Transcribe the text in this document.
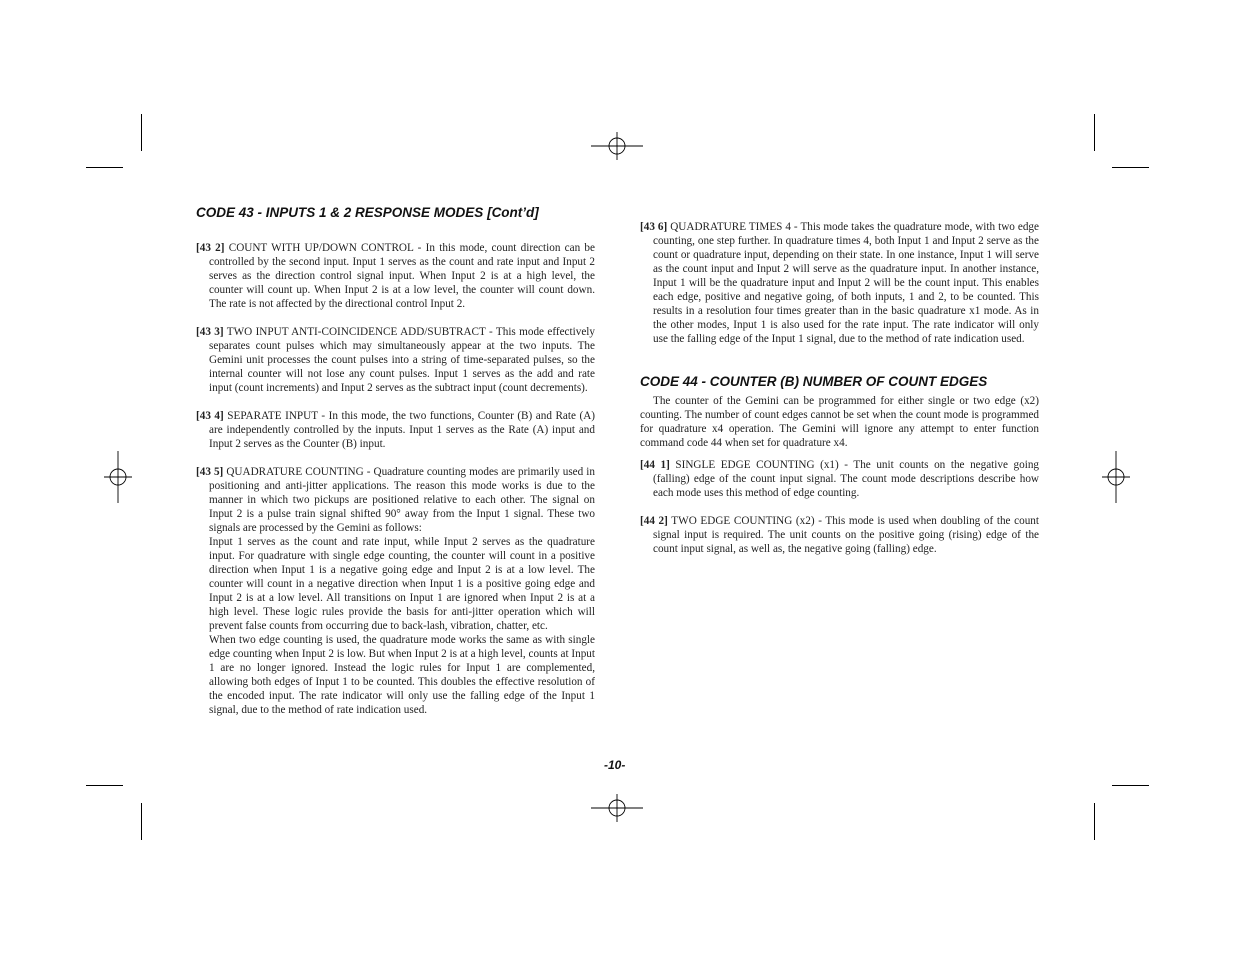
CODE 43 - INPUTS 1 & 2 RESPONSE MODES [Cont’d]

[43 2] COUNT WITH UP/DOWN CONTROL - In this mode, count direction can be controlled by the second input. Input 1 serves as the count and rate input and Input 2 serves as the direction control signal input. When Input 2 is at a high level, the counter will count up. When Input 2 is at a low level, the counter will count down. The rate is not affected by the directional control Input 2.

[43 3] TWO INPUT ANTI-COINCIDENCE ADD/SUBTRACT - This mode effectively separates count pulses which may simultaneously appear at the two inputs. The Gemini unit processes the count pulses into a string of time-separated pulses, so the internal counter will not lose any count pulses. Input 1 serves as the add and rate input (count increments) and Input 2 serves as the subtract input (count decrements).

[43 4] SEPARATE INPUT - In this mode, the two functions, Counter (B) and Rate (A) are independently controlled by the inputs. Input 1 serves as the Rate (A) input and Input 2 serves as the Counter (B) input.

[43 5] QUADRATURE COUNTING - Quadrature counting modes are primarily used in positioning and anti-jitter applications. The reason this mode works is due to the manner in which two pickups are positioned relative to each other. The signal on Input 2 is a pulse train signal shifted 90° away from the Input 1 signal. These two signals are processed by the Gemini as follows:

Input 1 serves as the count and rate input, while Input 2 serves as the quadrature input. For quadrature with single edge counting, the counter will count in a positive direction when Input 1 is a negative going edge and Input 2 is at a low level. The counter will count in a negative direction when Input 1 is a positive going edge and Input 2 is at a low level. All transitions on Input 1 are ignored when Input 2 is at a high level. These logic rules provide the basis for anti-jitter operation which will prevent false counts from occurring due to back-lash, vibration, chatter, etc.

When two edge counting is used, the quadrature mode works the same as with single edge counting when Input 2 is low. But when Input 2 is at a high level, counts at Input 1 are no longer ignored. Instead the logic rules for Input 1 are complemented, allowing both edges of Input 1 to be counted. This doubles the effective resolution of the encoded input. The rate indicator will only use the falling edge of the Input 1 signal, due to the method of rate indication used.

[43 6] QUADRATURE TIMES 4 - This mode takes the quadrature mode, with two edge counting, one step further. In quadrature times 4, both Input 1 and Input 2 serve as the count or quadrature input, depending on their state. In one instance, Input 1 will serve as the count input and Input 2 will serve as the quadrature input. In another instance, Input 1 will be the quadrature input and Input 2 will be the count input. This enables each edge, positive and negative going, of both inputs, 1 and 2, to be counted. This results in a resolution four times greater than in the basic quadrature x1 mode. As in the other modes, Input 1 is also used for the rate input. The rate indicator will only use the falling edge of the Input 1 signal, due to the method of rate indication used.

CODE 44 - COUNTER (B) NUMBER OF COUNT EDGES

The counter of the Gemini can be programmed for either single or two edge (x2) counting. The number of count edges cannot be set when the count mode is programmed for quadrature x4 operation. The Gemini will ignore any attempt to enter function command code 44 when set for quadrature x4.

[44 1] SINGLE EDGE COUNTING (x1) - The unit counts on the negative going (falling) edge of the count input signal. The count mode descriptions describe how each mode uses this method of edge counting.

[44 2] TWO EDGE COUNTING (x2) - This mode is used when doubling of the count signal input is required. The unit counts on the positive going (rising) edge of the count input signal, as well as, the negative going (falling) edge.

-10-
